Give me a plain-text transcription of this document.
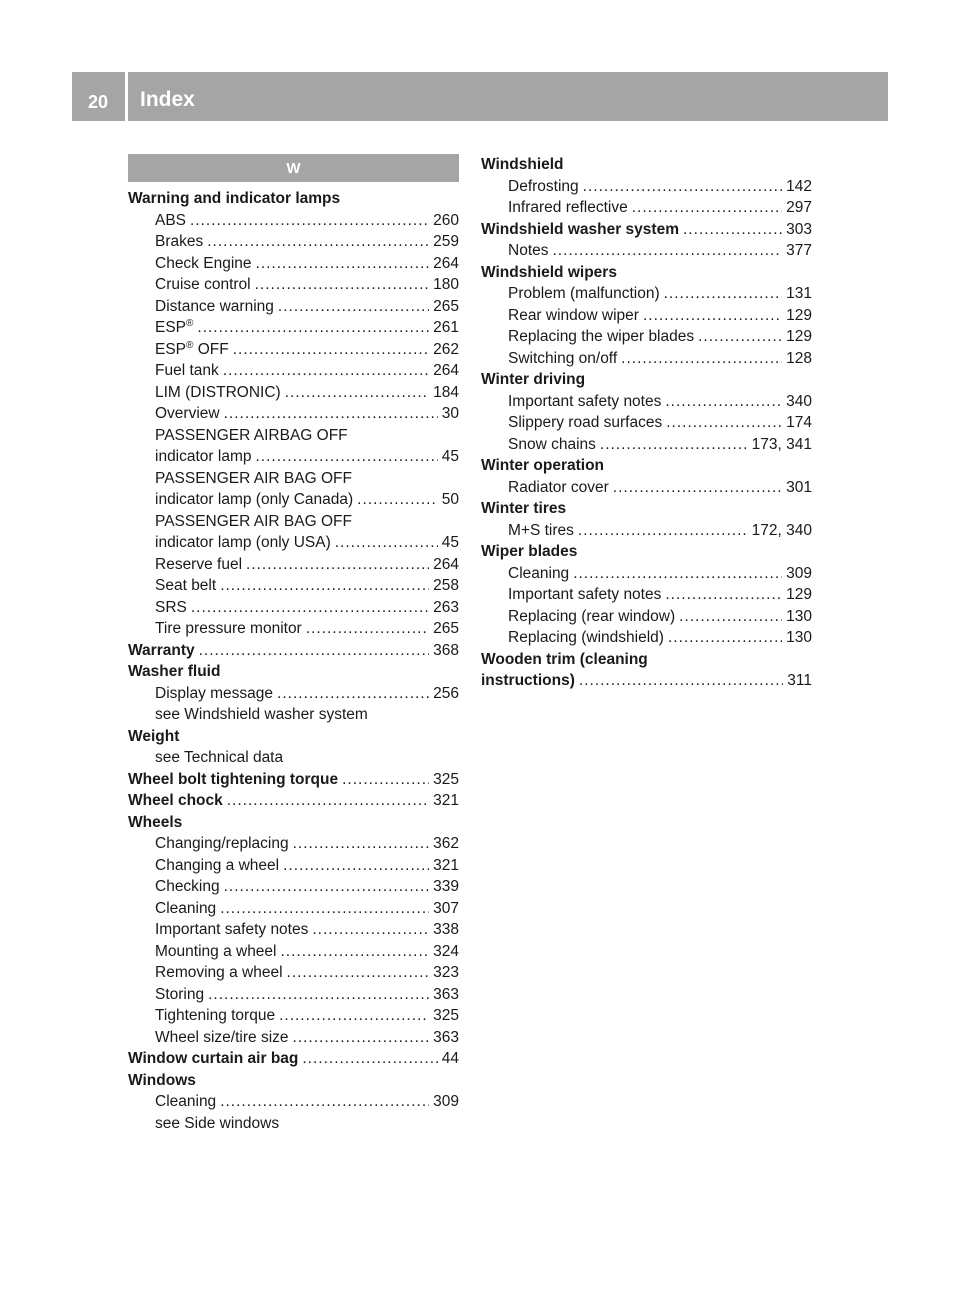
20	Index
W
Warning and indicator lamps
ABS .....	260
Brakes .....	259
Check Engine .....	264
Cruise control .....	180
Distance warning .....	265
ESP® .....	261
ESP® OFF .....	262
Fuel tank .....	264
LIM (DISTRONIC) .....	184
Overview .....	30
PASSENGER AIRBAG OFF
indicator lamp .....	45
PASSENGER AIR BAG OFF
indicator lamp (only Canada) .....	50
PASSENGER AIR BAG OFF
indicator lamp (only USA) .....	45
Reserve fuel .....	264
Seat belt .....	258
SRS .....	263
Tire pressure monitor .....	265
Warranty .....	368
Washer fluid
Display message .....	256
see Windshield washer system
Weight
see Technical data
Wheel bolt tightening torque .....	325
Wheel chock .....	321
Wheels
Changing/replacing .....	362
Changing a wheel .....	321
Checking .....	339
Cleaning .....	307
Important safety notes .....	338
Mounting a wheel .....	324
Removing a wheel .....	323
Storing .....	363
Tightening torque .....	325
Wheel size/tire size .....	363
Window curtain air bag .....	44
Windows
Cleaning .....	309
see Side windows
Windshield
Defrosting .....	142
Infrared reflective .....	297
Windshield washer system .....	303
Notes .....	377
Windshield wipers
Problem (malfunction) .....	131
Rear window wiper .....	129
Replacing the wiper blades .....	129
Switching on/off .....	128
Winter driving
Important safety notes .....	340
Slippery road surfaces .....	174
Snow chains .....	173, 341
Winter operation
Radiator cover .....	301
Winter tires
M+S tires .....	172, 340
Wiper blades
Cleaning .....	309
Important safety notes .....	129
Replacing (rear window) .....	130
Replacing (windshield) .....	130
Wooden trim (cleaning
instructions) .....	311
